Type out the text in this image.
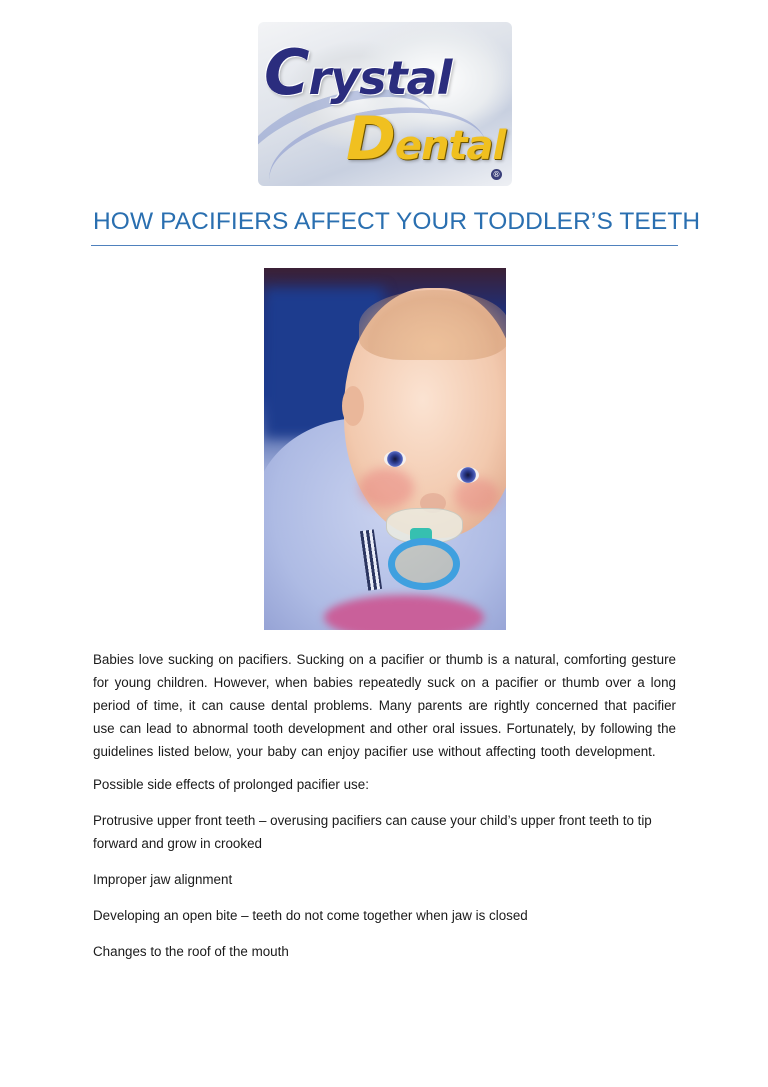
Crystal
Dental
®
HOW PACIFIERS AFFECT YOUR TODDLER’S TEETH

Babies love sucking on pacifiers. Sucking on a pacifier or thumb is a natural, comforting gesture for young children. However, when babies repeatedly suck on a pacifier or thumb over a long period of time, it can cause dental problems. Many parents are rightly concerned that pacifier use can lead to abnormal tooth development and other oral issues. Fortunately, by following the guidelines listed below, your baby can enjoy pacifier use without affecting tooth development.

Possible side effects of prolonged pacifier use:

Protrusive upper front teeth – overusing pacifiers can cause your child’s upper front teeth to tip forward and grow in crooked

Improper jaw alignment

Developing an open bite – teeth do not come together when jaw is closed

Changes to the roof of the mouth
